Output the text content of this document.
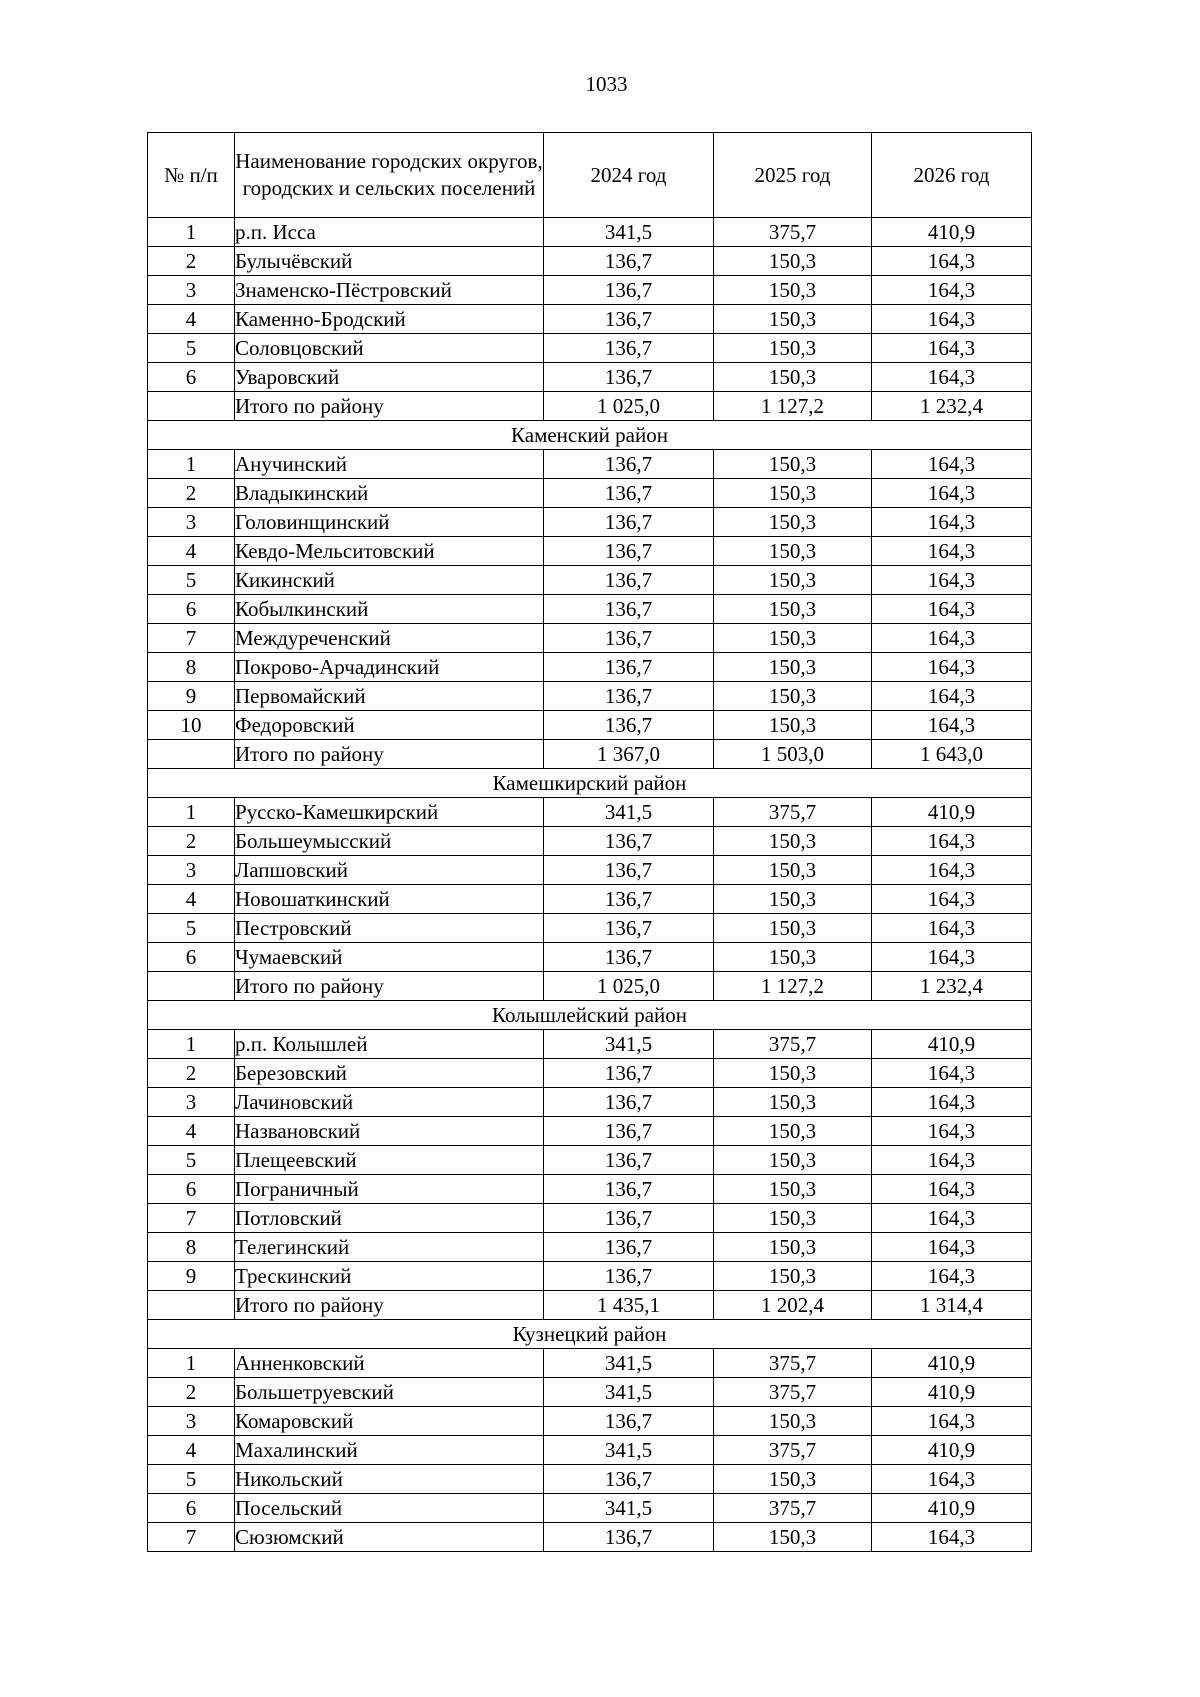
1033
№ п/п	Наименование городских округов, городских и сельских поселений	2024 год	2025 год	2026 год
1	р.п. Исса	341,5	375,7	410,9
2	Булычёвский	136,7	150,3	164,3
3	Знаменско-Пёстровский	136,7	150,3	164,3
4	Каменно-Бродский	136,7	150,3	164,3
5	Соловцовский	136,7	150,3	164,3
6	Уваровский	136,7	150,3	164,3
	Итого по району	1 025,0	1 127,2	1 232,4
Каменский район				
1	Анучинский	136,7	150,3	164,3
2	Владыкинский	136,7	150,3	164,3
3	Головинщинский	136,7	150,3	164,3
4	Кевдо-Мельситовский	136,7	150,3	164,3
5	Кикинский	136,7	150,3	164,3
6	Кобылкинский	136,7	150,3	164,3
7	Междуреченский	136,7	150,3	164,3
8	Покрово-Арчадинский	136,7	150,3	164,3
9	Первомайский	136,7	150,3	164,3
10	Федоровский	136,7	150,3	164,3
	Итого по району	1 367,0	1 503,0	1 643,0
Камешкирский район				
1	Русско-Камешкирский	341,5	375,7	410,9
2	Большеумысский	136,7	150,3	164,3
3	Лапшовский	136,7	150,3	164,3
4	Новошаткинский	136,7	150,3	164,3
5	Пестровский	136,7	150,3	164,3
6	Чумаевский	136,7	150,3	164,3
	Итого по району	1 025,0	1 127,2	1 232,4
Колышлейский район				
1	р.п. Колышлей	341,5	375,7	410,9
2	Березовский	136,7	150,3	164,3
3	Лачиновский	136,7	150,3	164,3
4	Названовский	136,7	150,3	164,3
5	Плещеевский	136,7	150,3	164,3
6	Пограничный	136,7	150,3	164,3
7	Потловский	136,7	150,3	164,3
8	Телегинский	136,7	150,3	164,3
9	Трескинский	136,7	150,3	164,3
	Итого по району	1 435,1	1 202,4	1 314,4
Кузнецкий район				
1	Анненковский	341,5	375,7	410,9
2	Большетруевский	341,5	375,7	410,9
3	Комаровский	136,7	150,3	164,3
4	Махалинский	341,5	375,7	410,9
5	Никольский	136,7	150,3	164,3
6	Посельский	341,5	375,7	410,9
7	Сюзюмский	136,7	150,3	164,3
